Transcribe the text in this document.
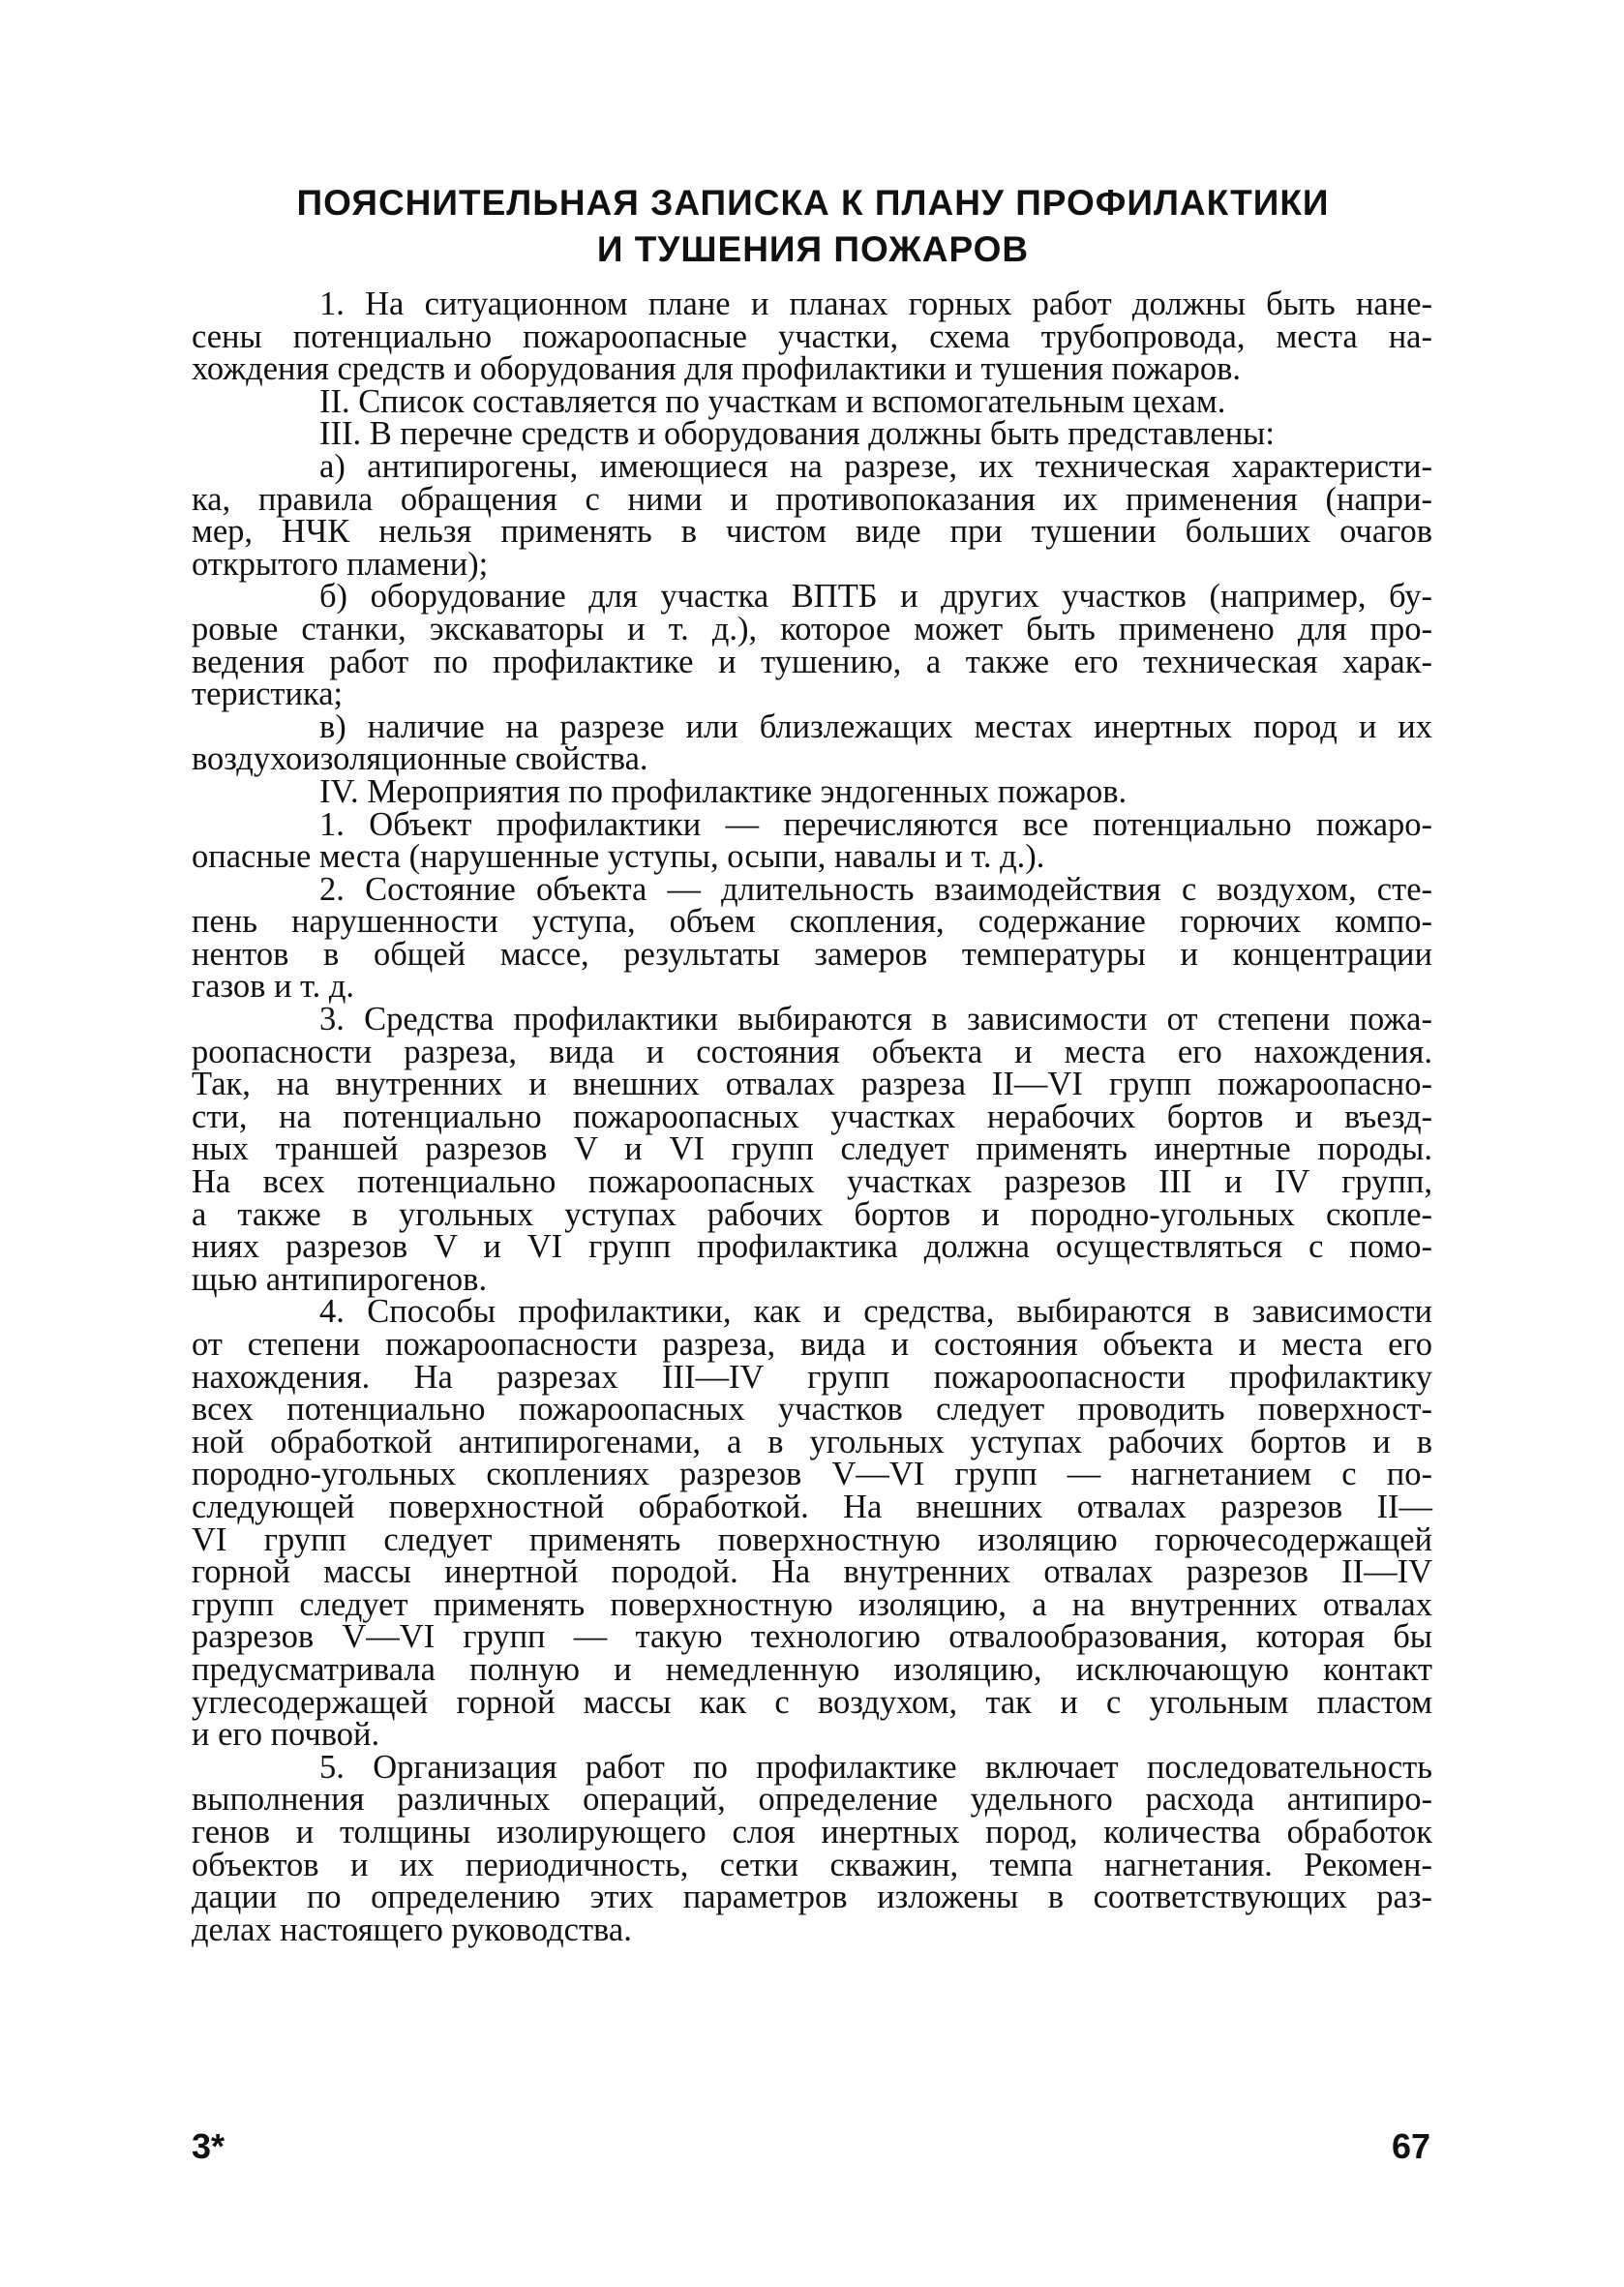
ПОЯСНИТЕЛЬНАЯ ЗАПИСКА К ПЛАНУ ПРОФИЛАКТИКИ
И ТУШЕНИЯ ПОЖАРОВ

1. На ситуационном плане и планах горных работ должны быть нане-
сены потенциально пожароопасные участки, схема трубопровода, места на-
хождения средств и оборудования для профилактики и тушения пожаров.

II. Список составляется по участкам и вспомогательным цехам.

III. В перечне средств и оборудования должны быть представлены:

а) антипирогены, имеющиеся на разрезе, их техническая характеристи-
ка, правила обращения с ними и противопоказания их применения (напри-
мер, НЧК нельзя применять в чистом виде при тушении больших очагов
открытого пламени);

б) оборудование для участка ВПТБ и других участков (например, бу-
ровые станки, экскаваторы и т. д.), которое может быть применено для про-
ведения работ по профилактике и тушению, а также его техническая харак-
теристика;

в) наличие на разрезе или близлежащих местах инертных пород и их
воздухоизоляционные свойства.

IV. Мероприятия по профилактике эндогенных пожаров.

1. Объект профилактики — перечисляются все потенциально пожаро-
опасные места (нарушенные уступы, осыпи, навалы и т. д.).

2. Состояние объекта — длительность взаимодействия с воздухом, сте-
пень нарушенности уступа, объем скопления, содержание горючих компо-
нентов в общей массе, результаты замеров температуры и концентрации
газов и т. д.

3. Средства профилактики выбираются в зависимости от степени пожа-
роопасности разреза, вида и состояния объекта и места его нахождения.
Так, на внутренних и внешних отвалах разреза II—VI групп пожароопасно-
сти, на потенциально пожароопасных участках нерабочих бортов и въезд-
ных траншей разрезов V и VI групп следует применять инертные породы.
На всех потенциально пожароопасных участках разрезов III и IV групп,
а также в угольных уступах рабочих бортов и породно-угольных скопле-
ниях разрезов V и VI групп профилактика должна осуществляться с помо-
щью антипирогенов.

4. Способы профилактики, как и средства, выбираются в зависимости
от степени пожароопасности разреза, вида и состояния объекта и места его
нахождения. На разрезах III—IV групп пожароопасности профилактику
всех потенциально пожароопасных участков следует проводить поверхност-
ной обработкой антипирогенами, а в угольных уступах рабочих бортов и в
породно-угольных скоплениях разрезов V—VI групп — нагнетанием с по-
следующей поверхностной обработкой. На внешних отвалах разрезов II—
VI групп следует применять поверхностную изоляцию горючесодержащей
горной массы инертной породой. На внутренних отвалах разрезов II—IV
групп следует применять поверхностную изоляцию, а на внутренних отвалах
разрезов V—VI групп — такую технологию отвалообразования, которая бы
предусматривала полную и немедленную изоляцию, исключающую контакт
углесодержащей горной массы как с воздухом, так и с угольным пластом
и его почвой.

5. Организация работ по профилактике включает последовательность
выполнения различных операций, определение удельного расхода антипиро-
генов и толщины изолирующего слоя инертных пород, количества обработок
объектов и их периодичность, сетки скважин, темпа нагнетания. Рекомен-
дации по определению этих параметров изложены в соответствующих раз-
делах настоящего руководства.

3*	67
